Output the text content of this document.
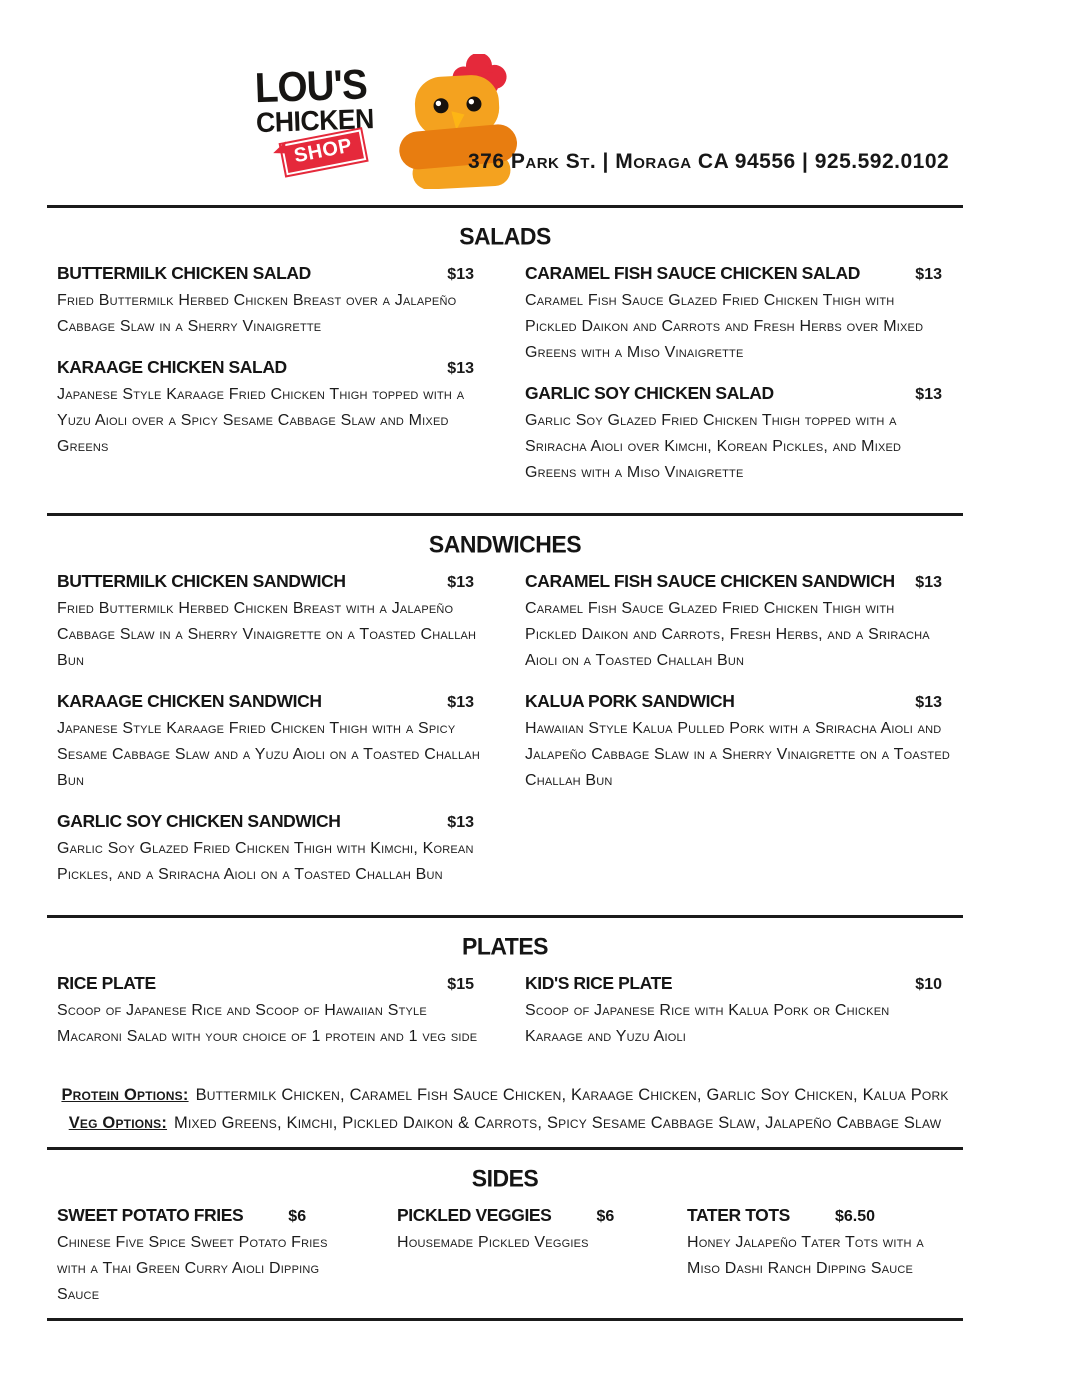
LOU'S
CHICKEN
SHOP	376 Park St. | Moraga CA 94556 | 925.592.0102
SALADS
BUTTERMILK CHICKEN SALAD	$13
Fried Buttermilk Herbed Chicken Breast over a Jalapeño Cabbage Slaw in a Sherry Vinaigrette
KARAAGE CHICKEN SALAD	$13
Japanese Style Karaage Fried Chicken Thigh topped with a Yuzu Aioli over a Spicy Sesame Cabbage Slaw and Mixed Greens
CARAMEL FISH SAUCE CHICKEN SALAD	$13
Caramel Fish Sauce Glazed Fried Chicken Thigh with Pickled Daikon and Carrots and Fresh Herbs over Mixed Greens with a Miso Vinaigrette
GARLIC SOY CHICKEN SALAD	$13
Garlic Soy Glazed Fried Chicken Thigh topped with a Sriracha Aioli over Kimchi, Korean Pickles, and Mixed Greens with a Miso Vinaigrette
SANDWICHES
BUTTERMILK CHICKEN SANDWICH	$13
Fried Buttermilk Herbed Chicken Breast with a Jalapeño Cabbage Slaw in a Sherry Vinaigrette on a Toasted Challah Bun
KARAAGE CHICKEN SANDWICH	$13
Japanese Style Karaage Fried Chicken Thigh with a Spicy Sesame Cabbage Slaw and a Yuzu Aioli on a Toasted Challah Bun
GARLIC SOY CHICKEN SANDWICH	$13
Garlic Soy Glazed Fried Chicken Thigh with Kimchi, Korean Pickles, and a Sriracha Aioli on a Toasted Challah Bun
CARAMEL FISH SAUCE CHICKEN SANDWICH $13
Caramel Fish Sauce Glazed Fried Chicken Thigh with Pickled Daikon and Carrots, Fresh Herbs, and a Sriracha Aioli on a Toasted Challah Bun
KALUA PORK SANDWICH	$13
Hawaiian Style Kalua Pulled Pork with a Sriracha Aioli and Jalapeño Cabbage Slaw in a Sherry Vinaigrette on a Toasted Challah Bun
PLATES
RICE PLATE	$15
Scoop of Japanese Rice and Scoop of Hawaiian Style Macaroni Salad with your choice of 1 protein and 1 veg side
KID'S RICE PLATE	$10
Scoop of Japanese Rice with Kalua Pork or Chicken Karaage and Yuzu Aioli
Protein Options: Buttermilk Chicken, Caramel Fish Sauce Chicken, Karaage Chicken, Garlic Soy Chicken, Kalua Pork
Veg Options: Mixed Greens, Kimchi, Pickled Daikon & Carrots, Spicy Sesame Cabbage Slaw, Jalapeño Cabbage Slaw
SIDES
SWEET POTATO FRIES	$6
Chinese Five Spice Sweet Potato Fries with a Thai Green Curry Aioli Dipping Sauce
PICKLED VEGGIES	$6
Housemade Pickled Veggies
TATER TOTS	$6.50
Honey Jalapeño Tater Tots with a Miso Dashi Ranch Dipping Sauce
